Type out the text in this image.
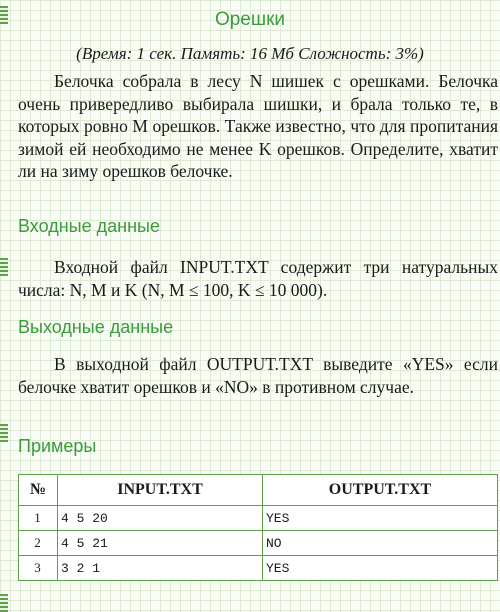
Орешки
(Время: 1 сек. Память: 16 Мб Сложность: 3%)
Белочка собрала в лесу N шишек c орешками. Белочка очень привередливо выбирала шишки, и брала только те, в которых ровно M орешков. Также известно, что для пропитания зимой ей необходимо не менее K орешков. Определите, хватит ли на зиму орешков белочке.
Входные данные
Входной файл INPUT.TXT содержит три натуральных числа: N, M и K (N, M ≤ 100, K ≤ 10 000).
Выходные данные
В выходной файл OUTPUT.TXT выведите «YES» если белочке хватит орешков и «NO» в противном случае.
Примеры
№	INPUT.TXT	OUTPUT.TXT
1	4 5 20	YES
2	4 5 21	NO
3	3 2 1	YES
